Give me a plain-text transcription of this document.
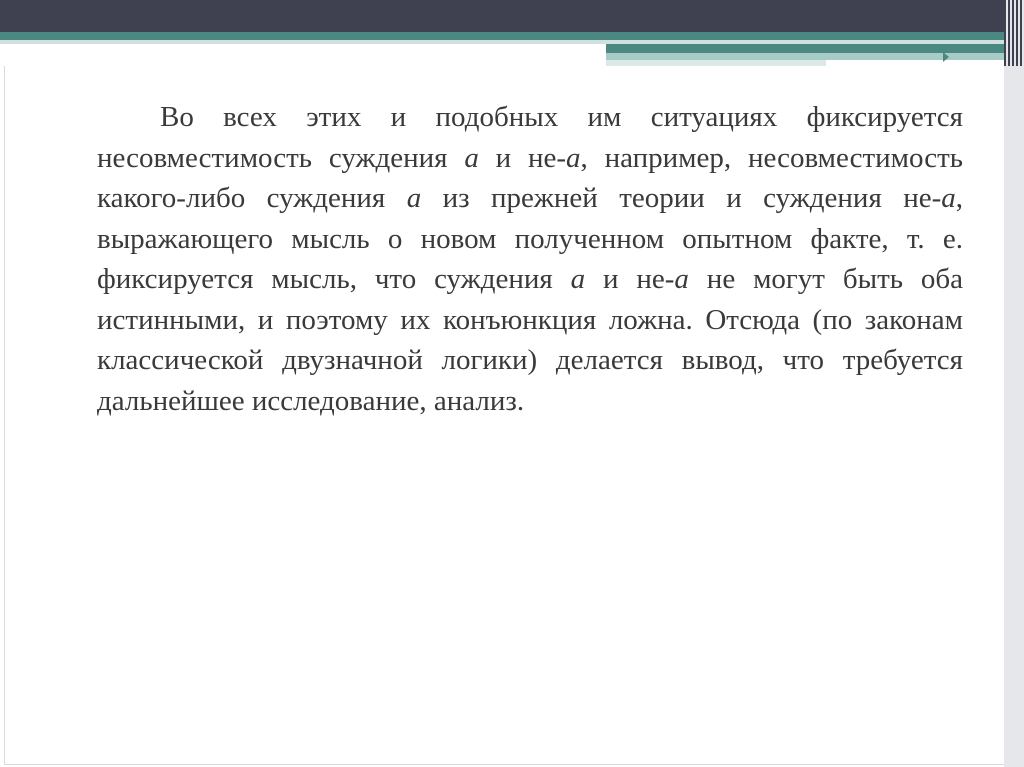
Во всех этих и подобных им ситуациях фиксируется несовместимость суждения а и не-а, например, несовместимость какого-либо суждения а из прежней теории и суждения не-а, выражающего мысль о новом полученном опытном факте, т. е. фиксируется мысль, что суждения а и не-а не могут быть оба истинными, и поэтому их конъюнкция ложна. Отсюда (по законам классической двузначной логики) делается вывод, что требуется дальнейшее исследование, анализ.
